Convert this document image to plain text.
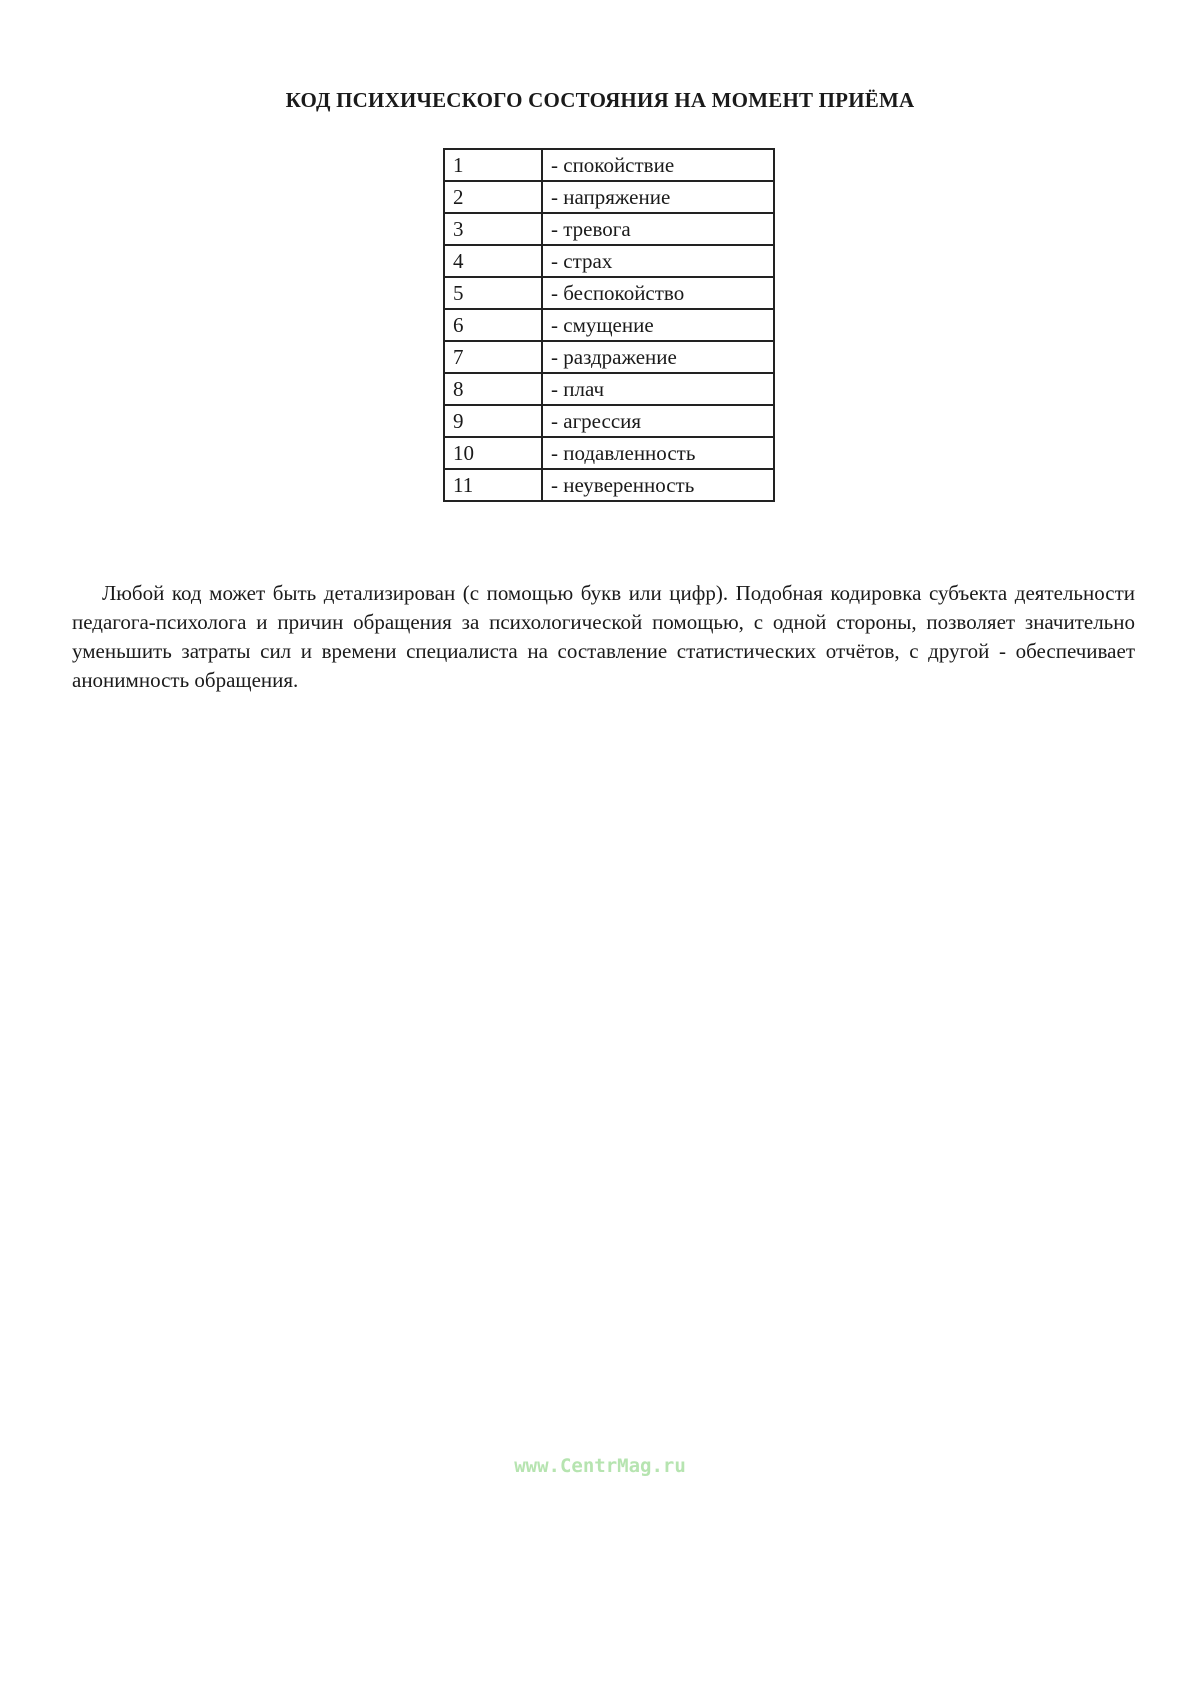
КОД ПСИХИЧЕСКОГО СОСТОЯНИЯ НА МОМЕНТ ПРИЁМА
1	- спокойствие
2	- напряжение
3	- тревога
4	- страх
5	- беспокойство
6	- смущение
7	- раздражение
8	- плач
9	- агрессия
10	- подавленность
11	- неуверенность

Любой код может быть детализирован (с помощью букв или цифр). Подобная кодировка субъекта деятельности педагога-психолога и причин обращения за психологической помощью, с одной стороны, позволяет значительно уменьшить затраты сил и времени специалиста на составление статистических отчётов, с другой - обеспечивает анонимность обращения.

www.CentrMag.ru
